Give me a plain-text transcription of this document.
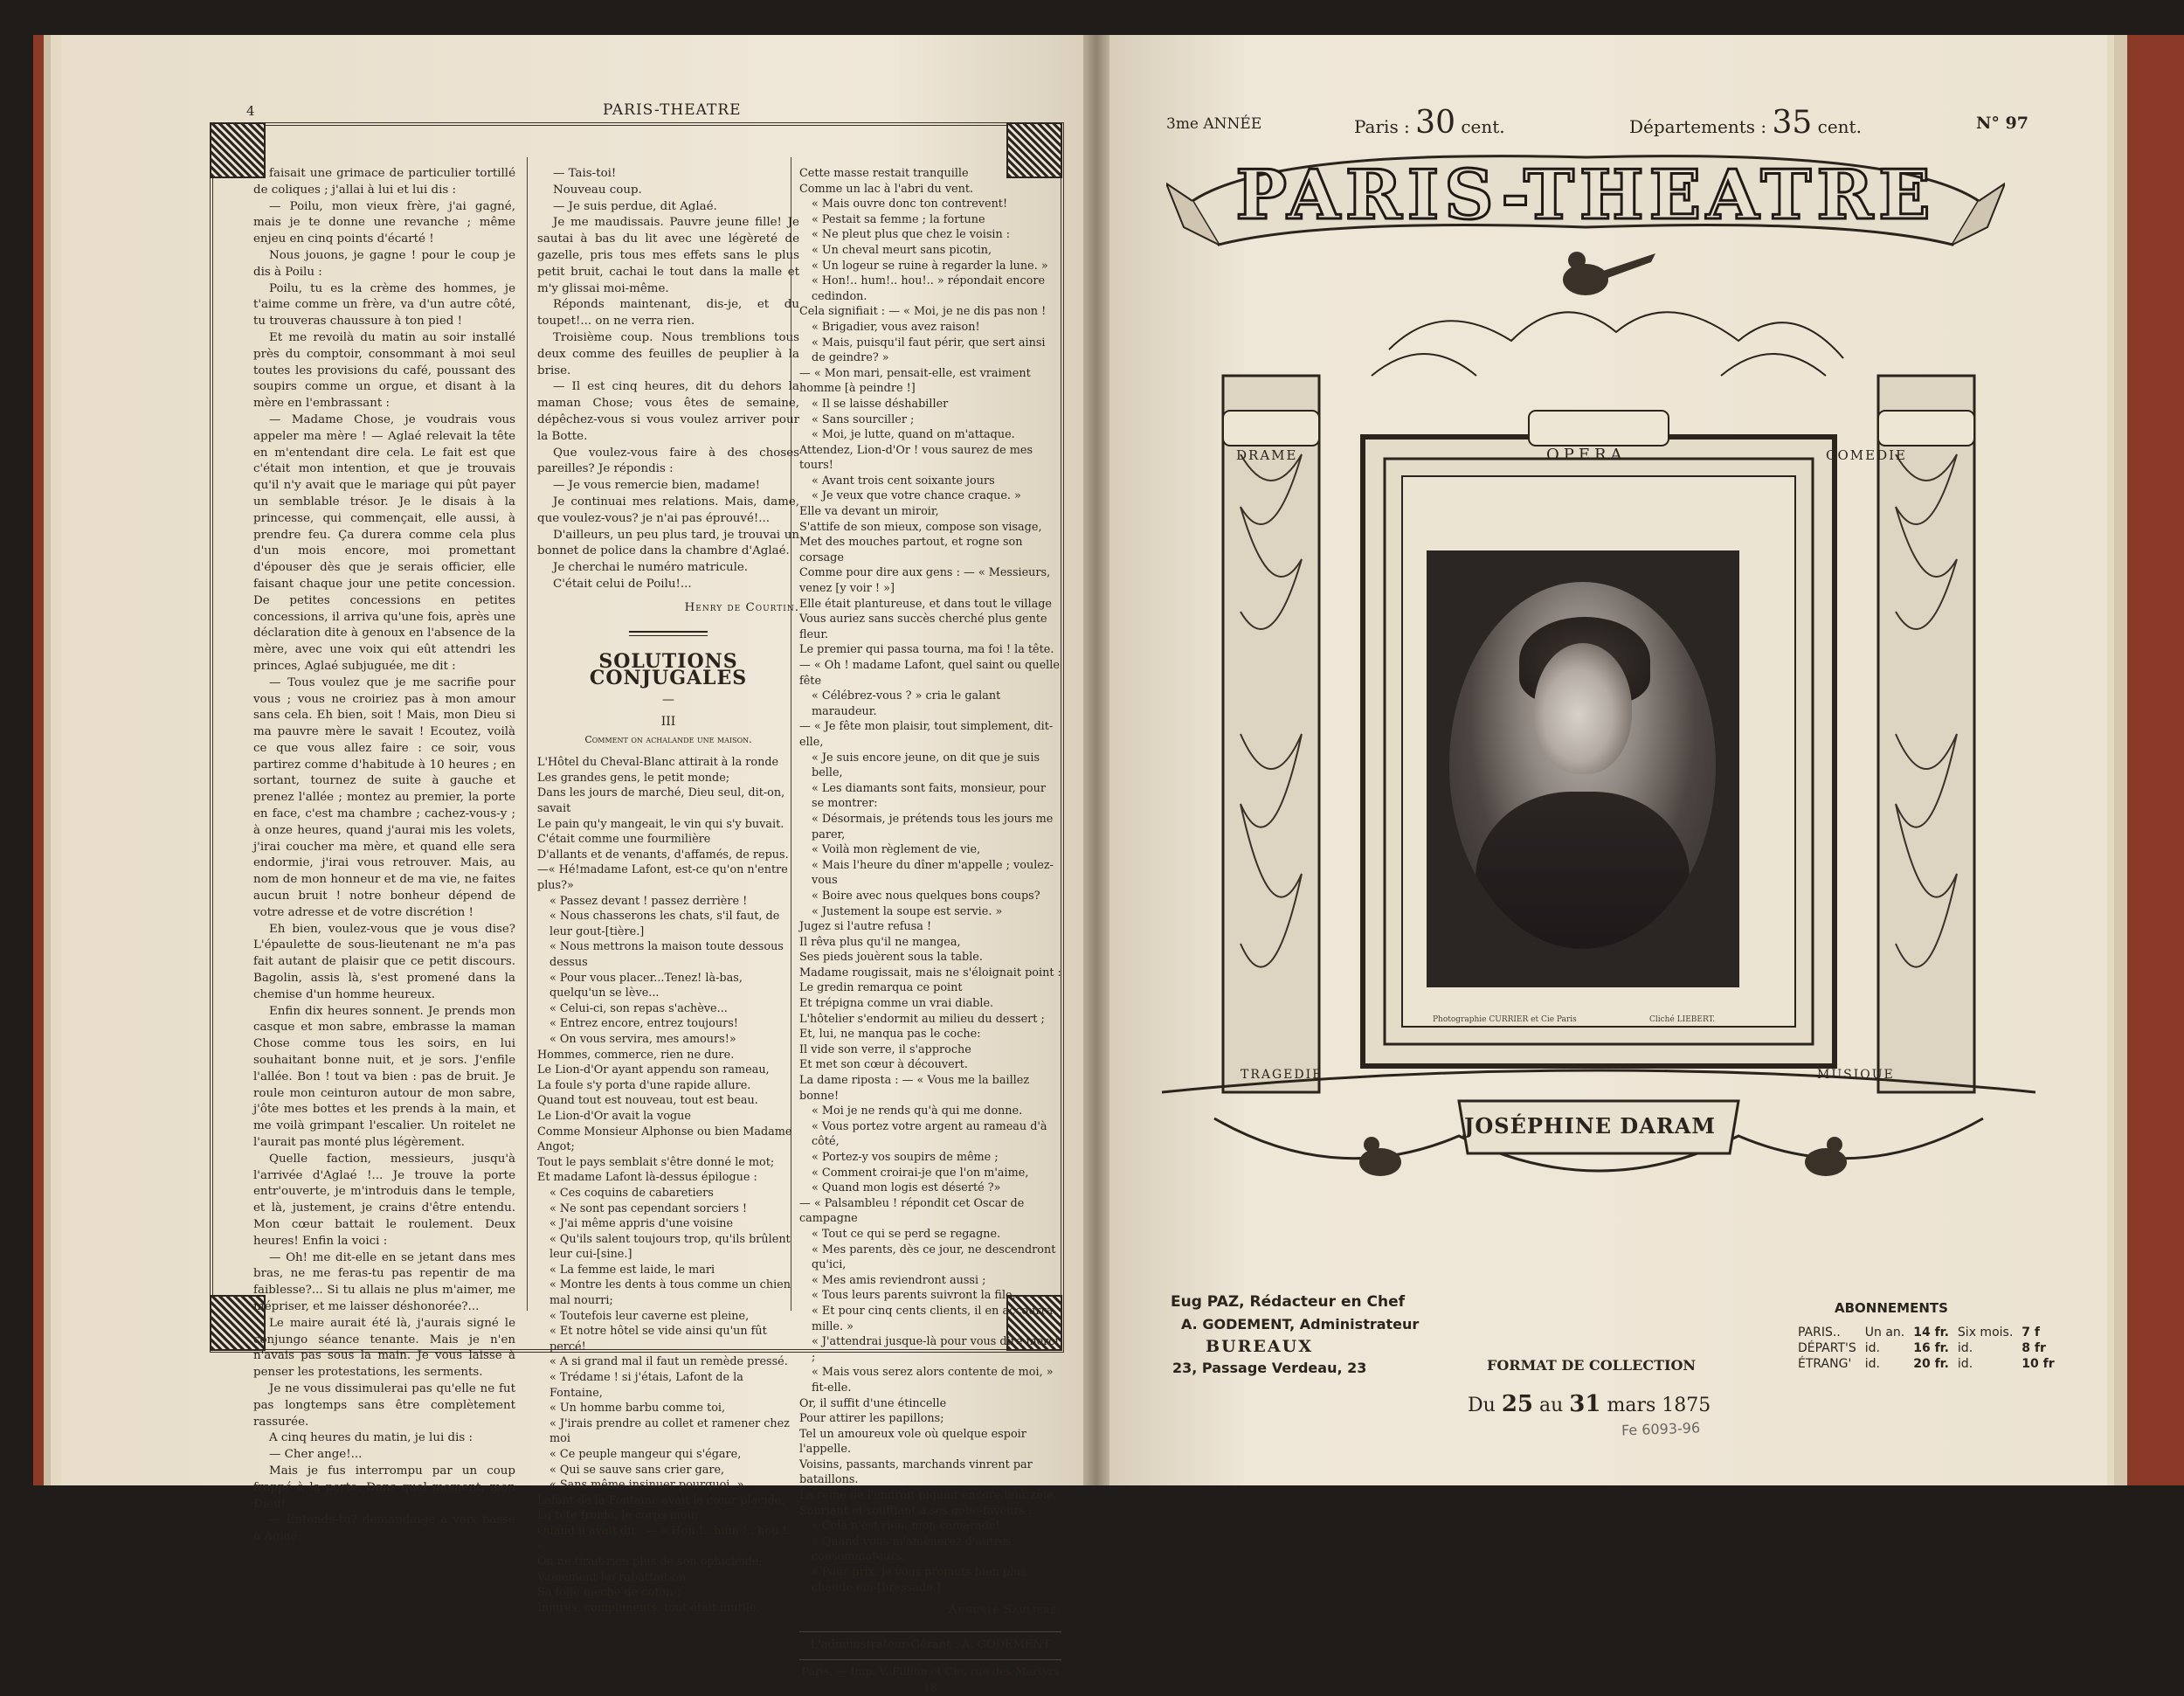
4	PARIS-THEATRE

faisait une grimace de particulier tortillé de coliques ; j'allai à lui et lui dis :

— Poilu, mon vieux frère, j'ai gagné, mais je te donne une revanche ; même enjeu en cinq points d'écarté !

Nous jouons, je gagne ! pour le coup je dis à Poilu :

Poilu, tu es la crème des hommes, je t'aime comme un frère, va d'un autre côté, tu trouveras chaussure à ton pied !

Et me revoilà du matin au soir installé près du comptoir, consommant à moi seul toutes les provisions du café, poussant des soupirs comme un orgue, et disant à la mère en l'embrassant :

— Madame Chose, je voudrais vous appeler ma mère ! — Aglaé relevait la tête en m'entendant dire cela. Le fait est que c'était mon intention, et que je trouvais qu'il n'y avait que le mariage qui pût payer un semblable trésor. Je le disais à la princesse, qui commençait, elle aussi, à prendre feu. Ça durera comme cela plus d'un mois encore, moi promettant d'épouser dès que je serais officier, elle faisant chaque jour une petite concession. De petites concessions en petites concessions, il arriva qu'une fois, après une déclaration dite à genoux en l'absence de la mère, avec une voix qui eût attendri les princes, Aglaé subjuguée, me dit :

— Tous voulez que je me sacrifie pour vous ; vous ne croiriez pas à mon amour sans cela. Eh bien, soit ! Mais, mon Dieu si ma pauvre mère le savait ! Ecoutez, voilà ce que vous allez faire : ce soir, vous partirez comme d'habitude à 10 heures ; en sortant, tournez de suite à gauche et prenez l'allée ; montez au premier, la porte en face, c'est ma chambre ; cachez-vous-y ; à onze heures, quand j'aurai mis les volets, j'irai coucher ma mère, et quand elle sera endormie, j'irai vous retrouver. Mais, au nom de mon honneur et de ma vie, ne faites aucun bruit ! notre bonheur dépend de votre adresse et de votre discrétion !

Eh bien, voulez-vous que je vous dise? L'épaulette de sous-lieutenant ne m'a pas fait autant de plaisir que ce petit discours. Bagolin, assis là, s'est promené dans la chemise d'un homme heureux.

Enfin dix heures sonnent. Je prends mon casque et mon sabre, embrasse la maman Chose comme tous les soirs, en lui souhaitant bonne nuit, et je sors. J'enfile l'allée. Bon ! tout va bien : pas de bruit. Je roule mon ceinturon autour de mon sabre, j'ôte mes bottes et les prends à la main, et me voilà grimpant l'escalier. Un roitelet ne l'aurait pas monté plus légèrement.

Quelle faction, messieurs, jusqu'à l'arrivée d'Aglaé !... Je trouve la porte entr'ouverte, je m'introduis dans le temple, et là, justement, je crains d'être entendu. Mon cœur battait le roulement. Deux heures! Enfin la voici :

— Oh! me dit-elle en se jetant dans mes bras, ne me feras-tu pas repentir de ma faiblesse?... Si tu allais ne plus m'aimer, me mépriser, et me laisser déshonorée?...

Le maire aurait été là, j'aurais signé le conjungo séance tenante. Mais je n'en n'avais pas sous la main. Je vous laisse à penser les protestations, les serments.

Je ne vous dissimulerai pas qu'elle ne fut pas longtemps sans être complètement rassurée.

A cinq heures du matin, je lui dis :

— Cher ange!...

Mais je fus interrompu par un coup frappé à la porte. Dans quel moment, mon Dieu!

— Entends-tu? demandai-je à voix basse à Aglaé.

— Tais-toi!

Nouveau coup.

— Je suis perdue, dit Aglaé.

Je me maudissais. Pauvre jeune fille! Je sautai à bas du lit avec une légèreté de gazelle, pris tous mes effets sans le plus petit bruit, cachai le tout dans la malle et m'y glissai moi-même.

Réponds maintenant, dis-je, et du toupet!... on ne verra rien.

Troisième coup. Nous tremblions tous deux comme des feuilles de peuplier à la brise.

— Il est cinq heures, dit du dehors la maman Chose; vous êtes de semaine, dépêchez-vous si vous voulez arriver pour la Botte.

Que voulez-vous faire à des choses pareilles? Je répondis :

— Je vous remercie bien, madame!

Je continuai mes relations. Mais, dame, que voulez-vous? je n'ai pas éprouvé!...

D'ailleurs, un peu plus tard, je trouvai un bonnet de police dans la chambre d'Aglaé.

Je cherchai le numéro matricule.

C'était celui de Poilu!...

Henry de Courtin.
SOLUTIONS CONJUGALES
—
III
Comment on achalande une maison.

L'Hôtel du Cheval-Blanc attirait à la ronde

Les grandes gens, le petit monde;

Dans les jours de marché, Dieu seul, dit-on, savait

Le pain qu'y mangeait, le vin qui s'y buvait.

C'était comme une fourmilière

D'allants et de venants, d'affamés, de repus.

—« Hé!madame Lafont, est-ce qu'on n'entre plus?»

« Passez devant ! passez derrière !

« Nous chasserons les chats, s'il faut, de leur gout-[tière.]

« Nous mettrons la maison toute dessous dessus

« Pour vous placer...Tenez! là-bas, quelqu'un se lève...

« Celui-ci, son repas s'achève...

« Entrez encore, entrez toujours!

« On vous servira, mes amours!»

Hommes, commerce, rien ne dure.

Le Lion-d'Or ayant appendu son rameau,

La foule s'y porta d'une rapide allure.

Quand tout est nouveau, tout est beau.

Le Lion-d'Or avait la vogue

Comme Monsieur Alphonse ou bien Madame Angot;

Tout le pays semblait s'être donné le mot;

Et madame Lafont là-dessus épilogue :

« Ces coquins de cabaretiers

« Ne sont pas cependant sorciers !

« J'ai même appris d'une voisine

« Qu'ils salent toujours trop, qu'ils brûlent leur cui-[sine.]

« La femme est laide, le mari

« Montre les dents à tous comme un chien mal nourri;

« Toutefois leur caverne est pleine,

« Et notre hôtel se vide ainsi qu'un fût percé!

« A si grand mal il faut un remède pressé.

« Trédame ! si j'étais, Lafont de la Fontaine,

« Un homme barbu comme toi,

« J'irais prendre au collet et ramener chez moi

« Ce peuple mangeur qui s'égare,

« Qui se sauve sans crier gare,

« Sans même insinuer pourquoi. »

Lafont de la Fontaine avait le cœur placide,

La tête froide, le corps mou;

Quand il avait dit : — « Hon !.. hum !.. hou !.. »

On ne tirait rien plus de son ophicléide;

Vainement lui rabattait-on

Sa folle mèche de coton :

Injures, compliments, tout était inutile.

Cette masse restait tranquille

Comme un lac à l'abri du vent.

« Mais ouvre donc ton contrevent!

« Pestait sa femme ; la fortune

« Ne pleut plus que chez le voisin :

« Un cheval meurt sans picotin,

« Un logeur se ruine à regarder la lune. »

« Hon!.. hum!.. hou!.. » répondait encore cedindon.

Cela signifiait : — « Moi, je ne dis pas non !

« Brigadier, vous avez raison!

« Mais, puisqu'il faut périr, que sert ainsi de geindre? »

— « Mon mari, pensait-elle, est vraiment homme [à peindre !]

« Il se laisse déshabiller

« Sans sourciller ;

« Moi, je lutte, quand on m'attaque.

Attendez, Lion-d'Or ! vous saurez de mes tours!

« Avant trois cent soixante jours

« Je veux que votre chance craque. »

Elle va devant un miroir,

S'attife de son mieux, compose son visage,

Met des mouches partout, et rogne son corsage

Comme pour dire aux gens : — « Messieurs, venez [y voir ! »]

Elle était plantureuse, et dans tout le village

Vous auriez sans succès cherché plus gente fleur.

Le premier qui passa tourna, ma foi ! la tête.

— « Oh ! madame Lafont, quel saint ou quelle fête

« Célébrez-vous ? » cria le galant maraudeur.

— « Je fête mon plaisir, tout simplement, dit-elle,

« Je suis encore jeune, on dit que je suis belle,

« Les diamants sont faits, monsieur, pour se montrer:

« Désormais, je prétends tous les jours me parer,

« Voilà mon règlement de vie,

« Mais l'heure du dîner m'appelle ; voulez-vous

« Boire avec nous quelques bons coups?

« Justement la soupe est servie. »

Jugez si l'autre refusa !

Il rêva plus qu'il ne mangea,

Ses pieds jouèrent sous la table.

Madame rougissait, mais ne s'éloignait point :

Le gredin remarqua ce point

Et trépigna comme un vrai diable.

L'hôtelier s'endormit au milieu du dessert ;

Et, lui, ne manqua pas le coche:

Il vide son verre, il s'approche

Et met son cœur à découvert.

La dame riposta : — « Vous me la baillez bonne!

« Moi je ne rends qu'à qui me donne.

« Vous portez votre argent au rameau d'à côté,

« Portez-y vos soupirs de même ;

« Comment croirai-je que l'on m'aime,

« Quand mon logis est déserté ?»

— « Palsambleu ! répondit cet Oscar de campagne

« Tout ce qui se perd se regagne.

« Mes parents, dès ce jour, ne descendront qu'ici,

« Mes amis reviendront aussi ;

« Tous leurs parents suivront la file,

« Et pour cinq cents clients, il en accourra mille. »

« J'attendrai jusque-là pour vous dire merci ;

« Mais vous serez alors contente de moi, » fit-elle.

Or, il suffit d'une étincelle

Pour attirer les papillons;

Tel un amoureux vole où quelque espoir l'appelle.

Voisins, passants, marchands vinrent par bataillons.

La reine de l'endroit piquait encore leur zèle,

Souriant et souffiant à ses gobe-faveurs :

« Cela n'est rien, mon camarade!

« Quand vous m'amènerez d'autres consommateurs,

« Pour prix, je vous promets bien plus chaude em-[brassade.]

Auguste Saulière.
L'administrateur-Gérant : A. GODEMENT
Paris. — Imp. V. Fillion et Cie, rue des Martyrs 18
3me ANNÉE	Paris : 30 cent.	Départements : 35 cent.	N° 97
PARIS-THEATRE
DRAME	OPERA	COMEDIE
TRAGEDIE	MUSIQUE
Photographie CURRIER et Cie Paris	Cliché LIEBERT.
JOSÉPHINE DARAM
Eug PAZ, Rédacteur en Chef
A. GODEMENT, Administrateur
BUREAUX
23, Passage Verdeau, 23	FORMAT DE COLLECTION
ABONNEMENTS
PARIS..	Un an.	14 fr.	Six mois.	7 f
DÉPART'S	id.	16 fr.	id.	8 fr
ÉTRANG'	id.	20 fr.	id.	10 fr
Du 25 au 31 mars 1875
Fe 6093-96
